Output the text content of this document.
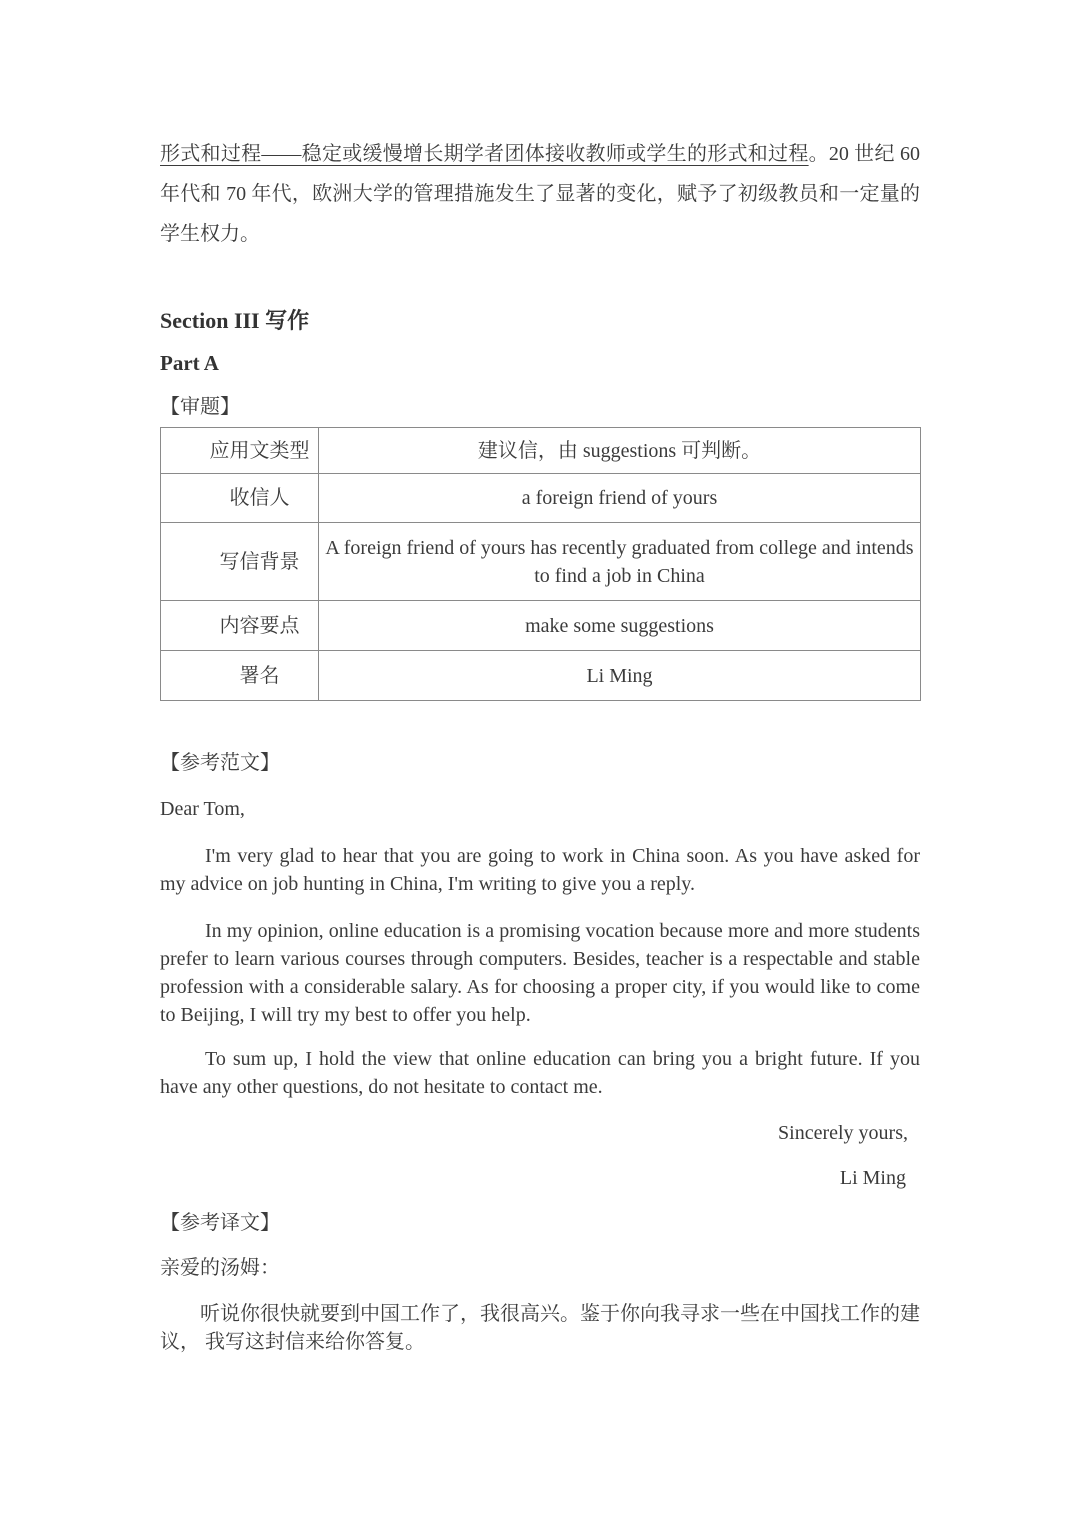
形式和过程——稳定或缓慢增长期学者团体接收教师或学生的形式和过程。20 世纪 60 年代和 70 年代，欧洲大学的管理措施发生了显著的变化，赋予了初级教员和一定量的学生权力。

Section III 写作
Part A

【审题】

应用文类型	建议信，由 suggestions 可判断。
收信人	a foreign friend of yours
写信背景	A foreign friend of yours has recently graduated from college and intends to find a job in China
内容要点	make some suggestions
署名	Li Ming

【参考范文】

Dear Tom,

I'm very glad to hear that you are going to work in China soon. As you have asked for my advice on job hunting in China, I'm writing to give you a reply.

In my opinion, online education is a promising vocation because more and more students prefer to learn various courses through computers. Besides, teacher is a respectable and stable profession with a considerable salary. As for choosing a proper city, if you would like to come to Beijing, I will try my best to offer you help.

To sum up, I hold the view that online education can bring you a bright future. If you have any other questions, do not hesitate to contact me.

Sincerely yours,

Li Ming

【参考译文】

亲爱的汤姆：

听说你很快就要到中国工作了，我很高兴。鉴于你向我寻求一些在中国找工作的建议， 我写这封信来给你答复。
